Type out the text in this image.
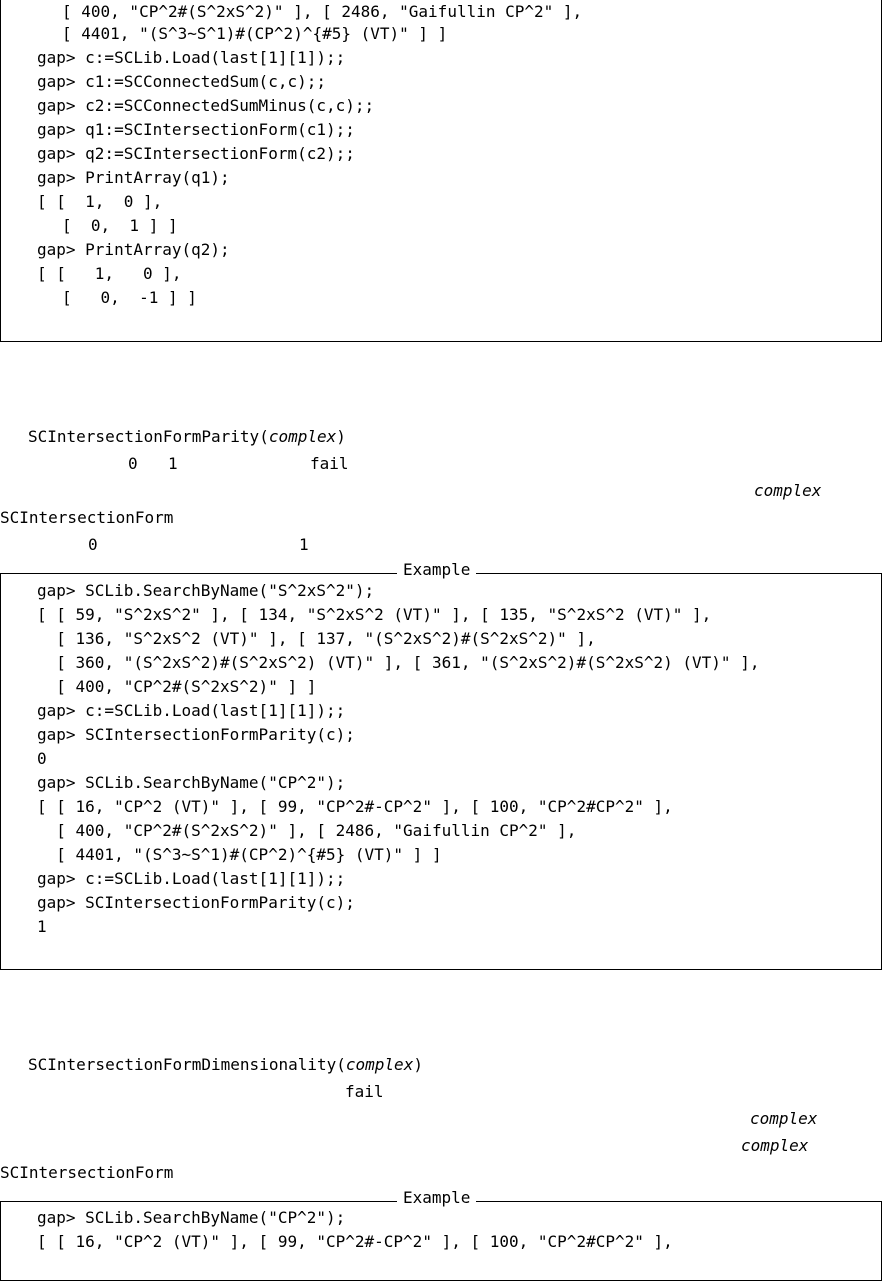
[ 400, "CP^2#(S^2xS^2)" ], [ 2486, "Gaifullin CP^2" ],
[ 4401, "(S^3~S^1)#(CP^2)^{#5} (VT)" ] ]
gap> c:=SCLib.Load(last[1][1]);;
gap> c1:=SCConnectedSum(c,c);;
gap> c2:=SCConnectedSumMinus(c,c);;
gap> q1:=SCIntersectionForm(c1);;
gap> q2:=SCIntersectionForm(c2);;
gap> PrintArray(q1);
[ [  1,  0 ],
[  0,  1 ] ]
gap> PrintArray(q2);
[ [   1,   0 ],
[   0,  -1 ] ]
SCIntersectionFormParity(complex)
0 1	fail
complex
SCIntersectionForm
0	1
Example
gap> SCLib.SearchByName("S^2xS^2");
[ [ 59, "S^2xS^2" ], [ 134, "S^2xS^2 (VT)" ], [ 135, "S^2xS^2 (VT)" ],
[ 136, "S^2xS^2 (VT)" ], [ 137, "(S^2xS^2)#(S^2xS^2)" ],
[ 360, "(S^2xS^2)#(S^2xS^2) (VT)" ], [ 361, "(S^2xS^2)#(S^2xS^2) (VT)" ],
[ 400, "CP^2#(S^2xS^2)" ] ]
gap> c:=SCLib.Load(last[1][1]);;
gap> SCIntersectionFormParity(c);
0
gap> SCLib.SearchByName("CP^2");
[ [ 16, "CP^2 (VT)" ], [ 99, "CP^2#-CP^2" ], [ 100, "CP^2#CP^2" ],
[ 400, "CP^2#(S^2xS^2)" ], [ 2486, "Gaifullin CP^2" ],
[ 4401, "(S^3~S^1)#(CP^2)^{#5} (VT)" ] ]
gap> c:=SCLib.Load(last[1][1]);;
gap> SCIntersectionFormParity(c);
1
SCIntersectionFormDimensionality(complex)
fail
complex
complex
SCIntersectionForm
Example
gap> SCLib.SearchByName("CP^2");
[ [ 16, "CP^2 (VT)" ], [ 99, "CP^2#-CP^2" ], [ 100, "CP^2#CP^2" ],
